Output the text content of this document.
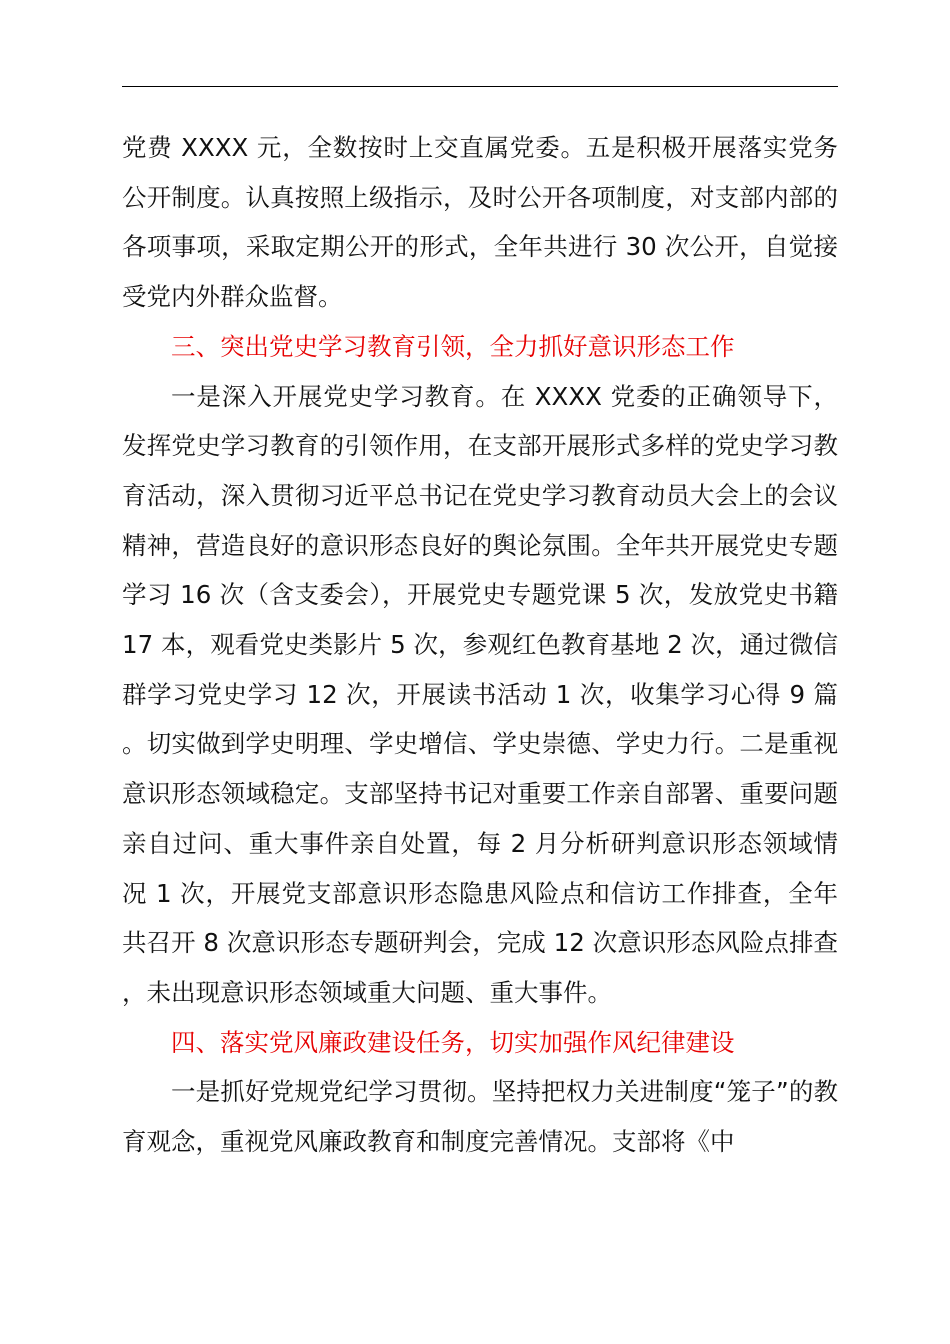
党费 XXXX 元，全数按时上交直属党委。五是积极开展落实党务公开制度。认真按照上级指示，及时公开各项制度，对支部内部的各项事项，采取定期公开的形式，全年共进行 30 次公开，自觉接受党内外群众监督。

三、突出党史学习教育引领，全力抓好意识形态工作

一是深入开展党史学习教育。在 XXXX 党委的正确领导下，发挥党史学习教育的引领作用，在支部开展形式多样的党史学习教育活动，深入贯彻习近平总书记在党史学习教育动员大会上的会议精神，营造良好的意识形态良好的舆论氛围。全年共开展党史专题学习 16 次（含支委会），开展党史专题党课 5 次，发放党史书籍 17 本，观看党史类影片 5 次，参观红色教育基地 2 次，通过微信群学习党史学习 12 次，开展读书活动 1 次，收集学习心得 9 篇。切实做到学史明理、学史增信、学史崇德、学史力行。二是重视意识形态领域稳定。支部坚持书记对重要工作亲自部署、重要问题亲自过问、重大事件亲自处置，每 2 月分析研判意识形态领域情况 1 次，开展党支部意识形态隐患风险点和信访工作排查，全年共召开 8 次意识形态专题研判会，完成 12 次意识形态风险点排查，未出现意识形态领域重大问题、重大事件。

四、落实党风廉政建设任务，切实加强作风纪律建设

一是抓好党规党纪学习贯彻。坚持把权力关进制度“笼子”的教育观念，重视党风廉政教育和制度完善情况。支部将《中
